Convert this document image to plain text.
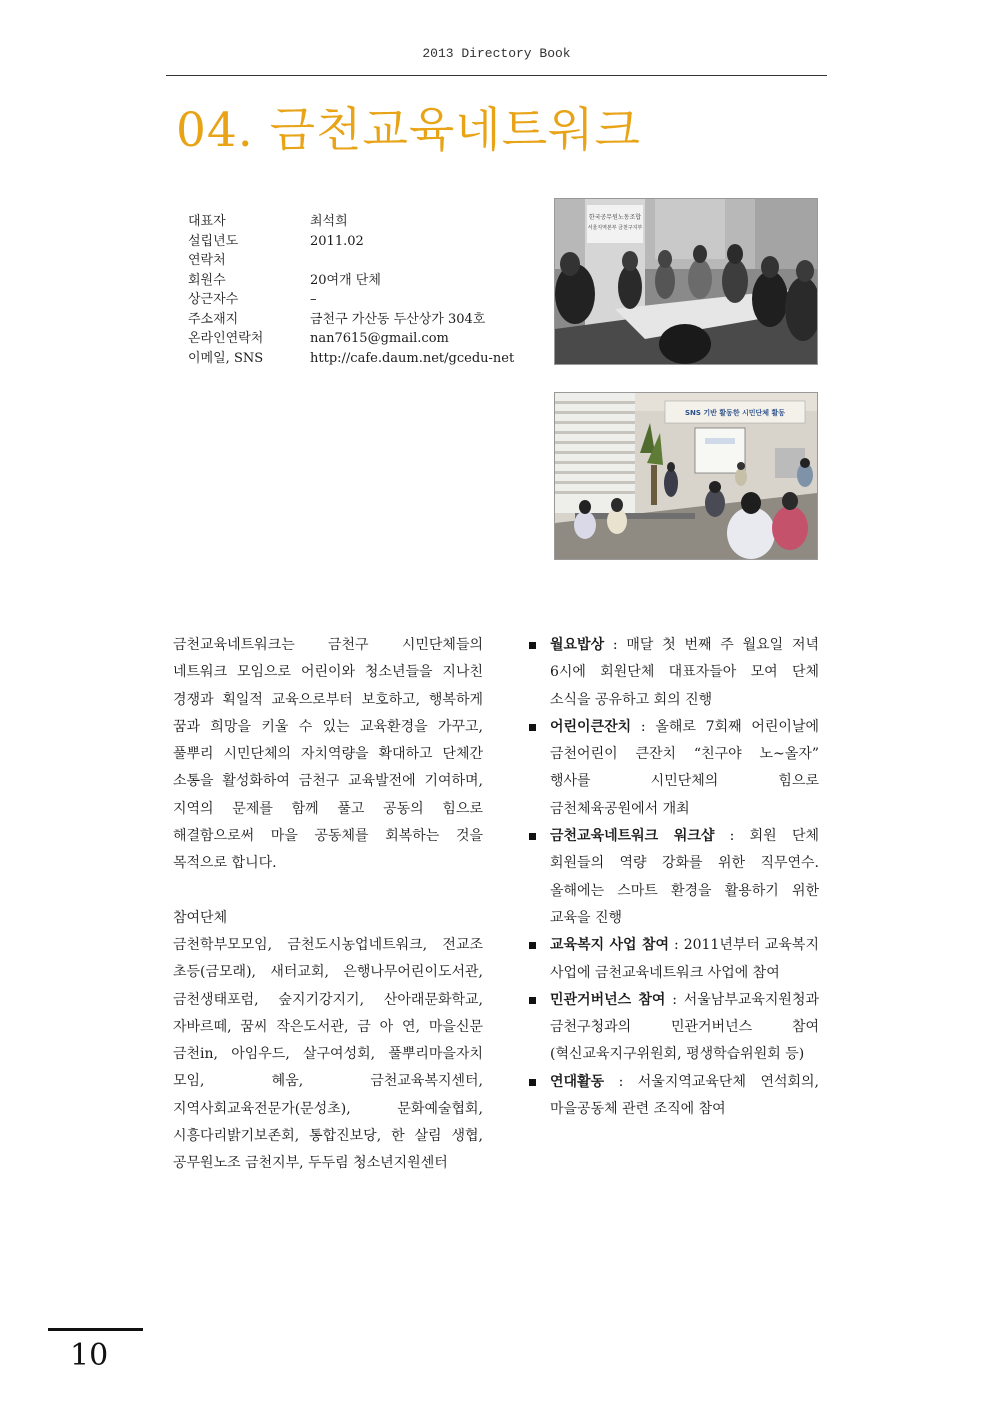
2013 Directory Book
04. 금천교육네트워크
대표자	최석희
설립년도	2011.02
연락처
회원수	20여개 단체
상근자수	–
주소재지	금천구 가산동 두산상가 304호
온라인연락처	nan7615@gmail.com
이메일, SNS	http://cafe.daum.net/gcedu-net
한국공무원노동조합
서울지역본부 금천구지부
SNS 기반 활동한 시민단체 활동

금천교육네트워크는 금천구 시민단체들의 네트워크 모임으로 어린이와 청소년들을 지나친 경쟁과 획일적 교육으로부터 보호하고, 행복하게 꿈과 희망을 키울 수 있는 교육환경을 가꾸고, 풀뿌리 시민단체의 자치역량을 확대하고 단체간 소통을 활성화하여 금천구 교육발전에 기여하며, 지역의 문제를 함께 풀고 공동의 힘으로 해결함으로써 마을 공동체를 회복하는 것을 목적으로 합니다.

참여단체

금천학부모모임, 금천도시농업네트워크, 전교조 초등(금모래), 새터교회, 은행나무어린이도서관, 금천생태포럼, 숲지기강지기, 산아래문화학교, 자바르떼, 꿈씨 작은도서관, 금 아 연, 마을신문 금천in, 아임우드, 살구여성회, 풀뿌리마을자치 모임, 혜움, 금천교육복지센터, 지역사회교육전문가(문성초), 문화예술협회, 시흥다리밝기보존회, 통합진보당, 한 살림 생협, 공무원노조 금천지부, 두두림 청소년지원센터

월요밥상 : 매달 첫 번째 주 월요일 저녁 6시에 회원단체 대표자들아 모여 단체 소식을 공유하고 회의 진행
어린이큰잔치 : 올해로 7회째 어린이날에 금천어린이 큰잔치 “친구야 노~올자” 행사를 시민단체의 힘으로 금천체육공원에서 개최
금천교육네트워크 워크샵 : 회원 단체 회원들의 역량 강화를 위한 직무연수. 올해에는 스마트 환경을 활용하기 위한 교육을 진행
교육복지 사업 참여 : 2011년부터 교육복지 사업에 금천교육네트워크 사업에 참여
민관거버넌스 참여 : 서울남부교육지원청과 금천구청과의 민관거버넌스 참여(혁신교육지구위원회, 평생학습위원회 등)
연대활동 : 서울지역교육단체 연석회의, 마을공동체 관련 조직에 참여
10
